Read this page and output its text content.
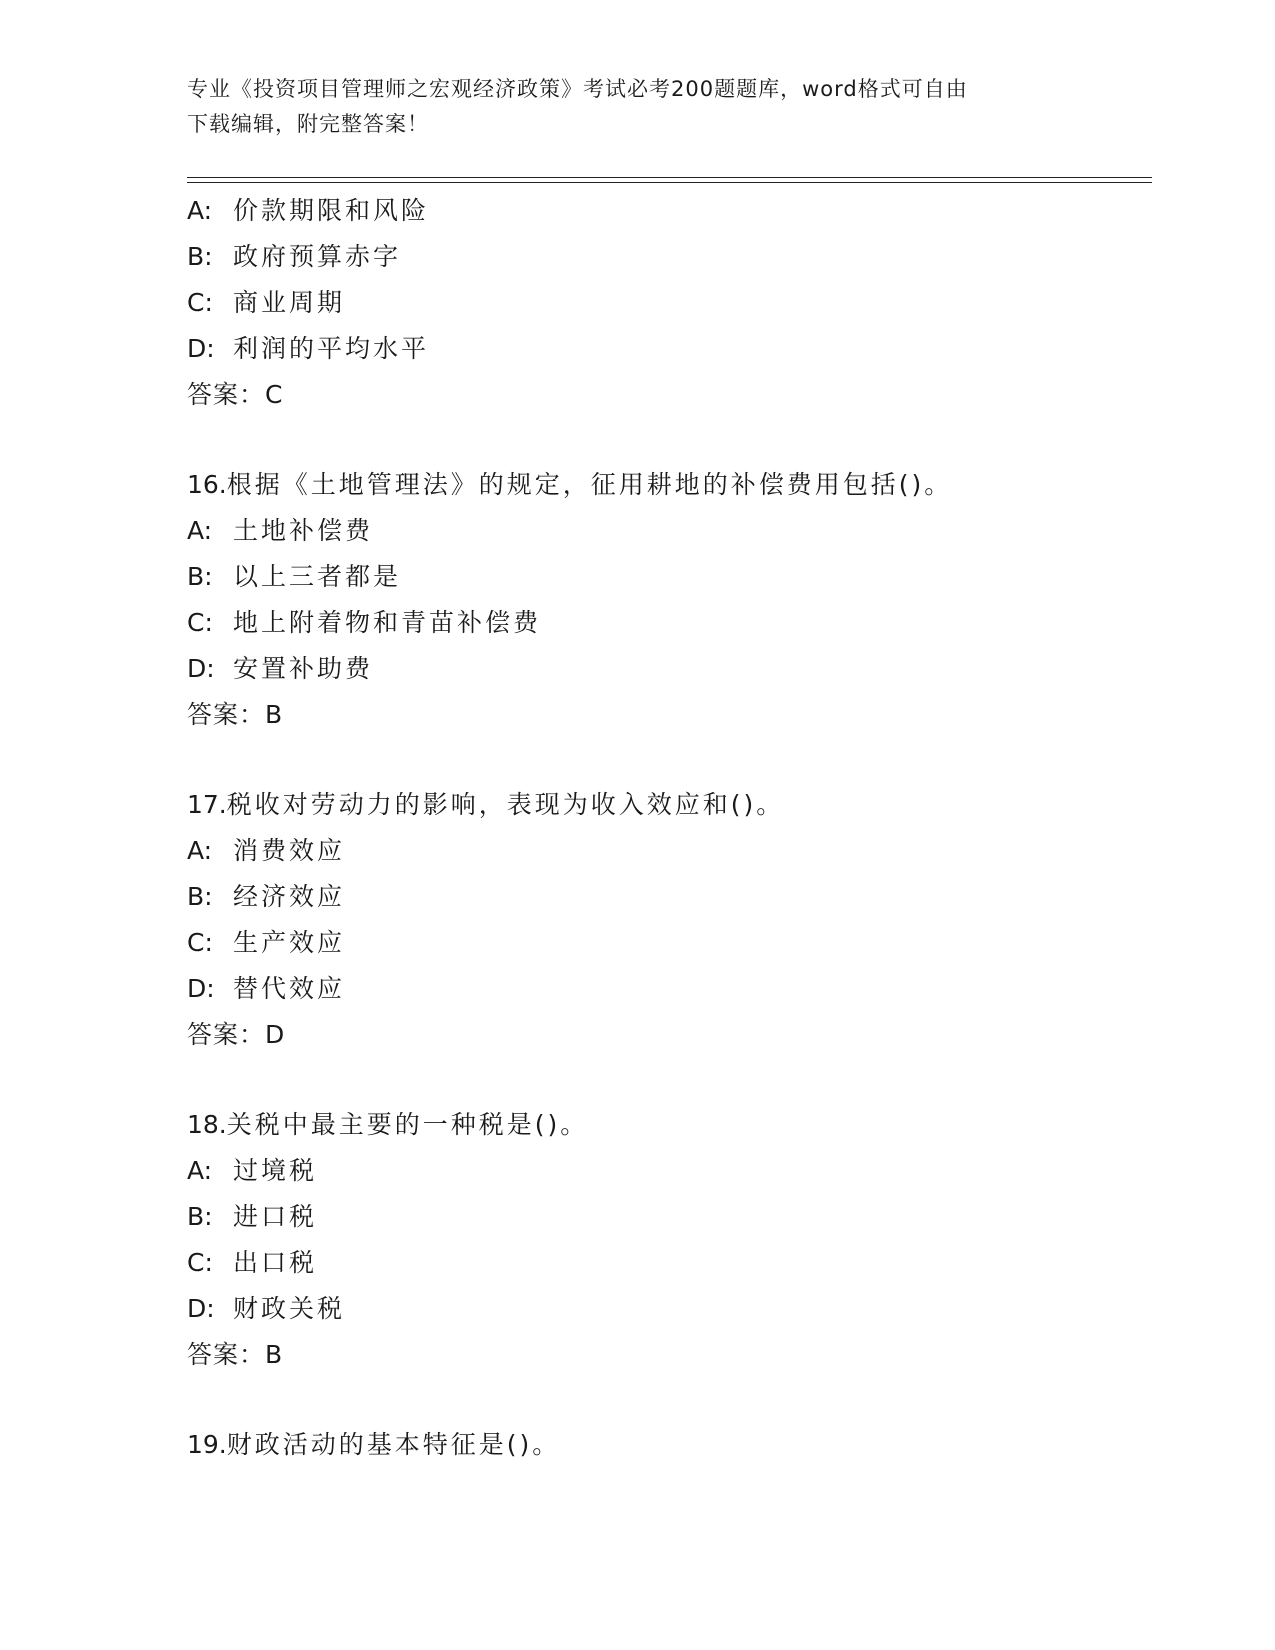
专业《投资项目管理师之宏观经济政策》考试必考200题题库，word格式可自由
下载编辑，附完整答案！
A: 价款期限和风险
B: 政府预算赤字
C: 商业周期
D: 利润的平均水平
答案：C
16.根据《土地管理法》的规定，征用耕地的补偿费用包括()。
A: 土地补偿费
B: 以上三者都是
C: 地上附着物和青苗补偿费
D: 安置补助费
答案：B
17.税收对劳动力的影响，表现为收入效应和()。
A: 消费效应
B: 经济效应
C: 生产效应
D: 替代效应
答案：D
18.关税中最主要的一种税是()。
A: 过境税
B: 进口税
C: 出口税
D: 财政关税
答案：B
19.财政活动的基本特征是()。
